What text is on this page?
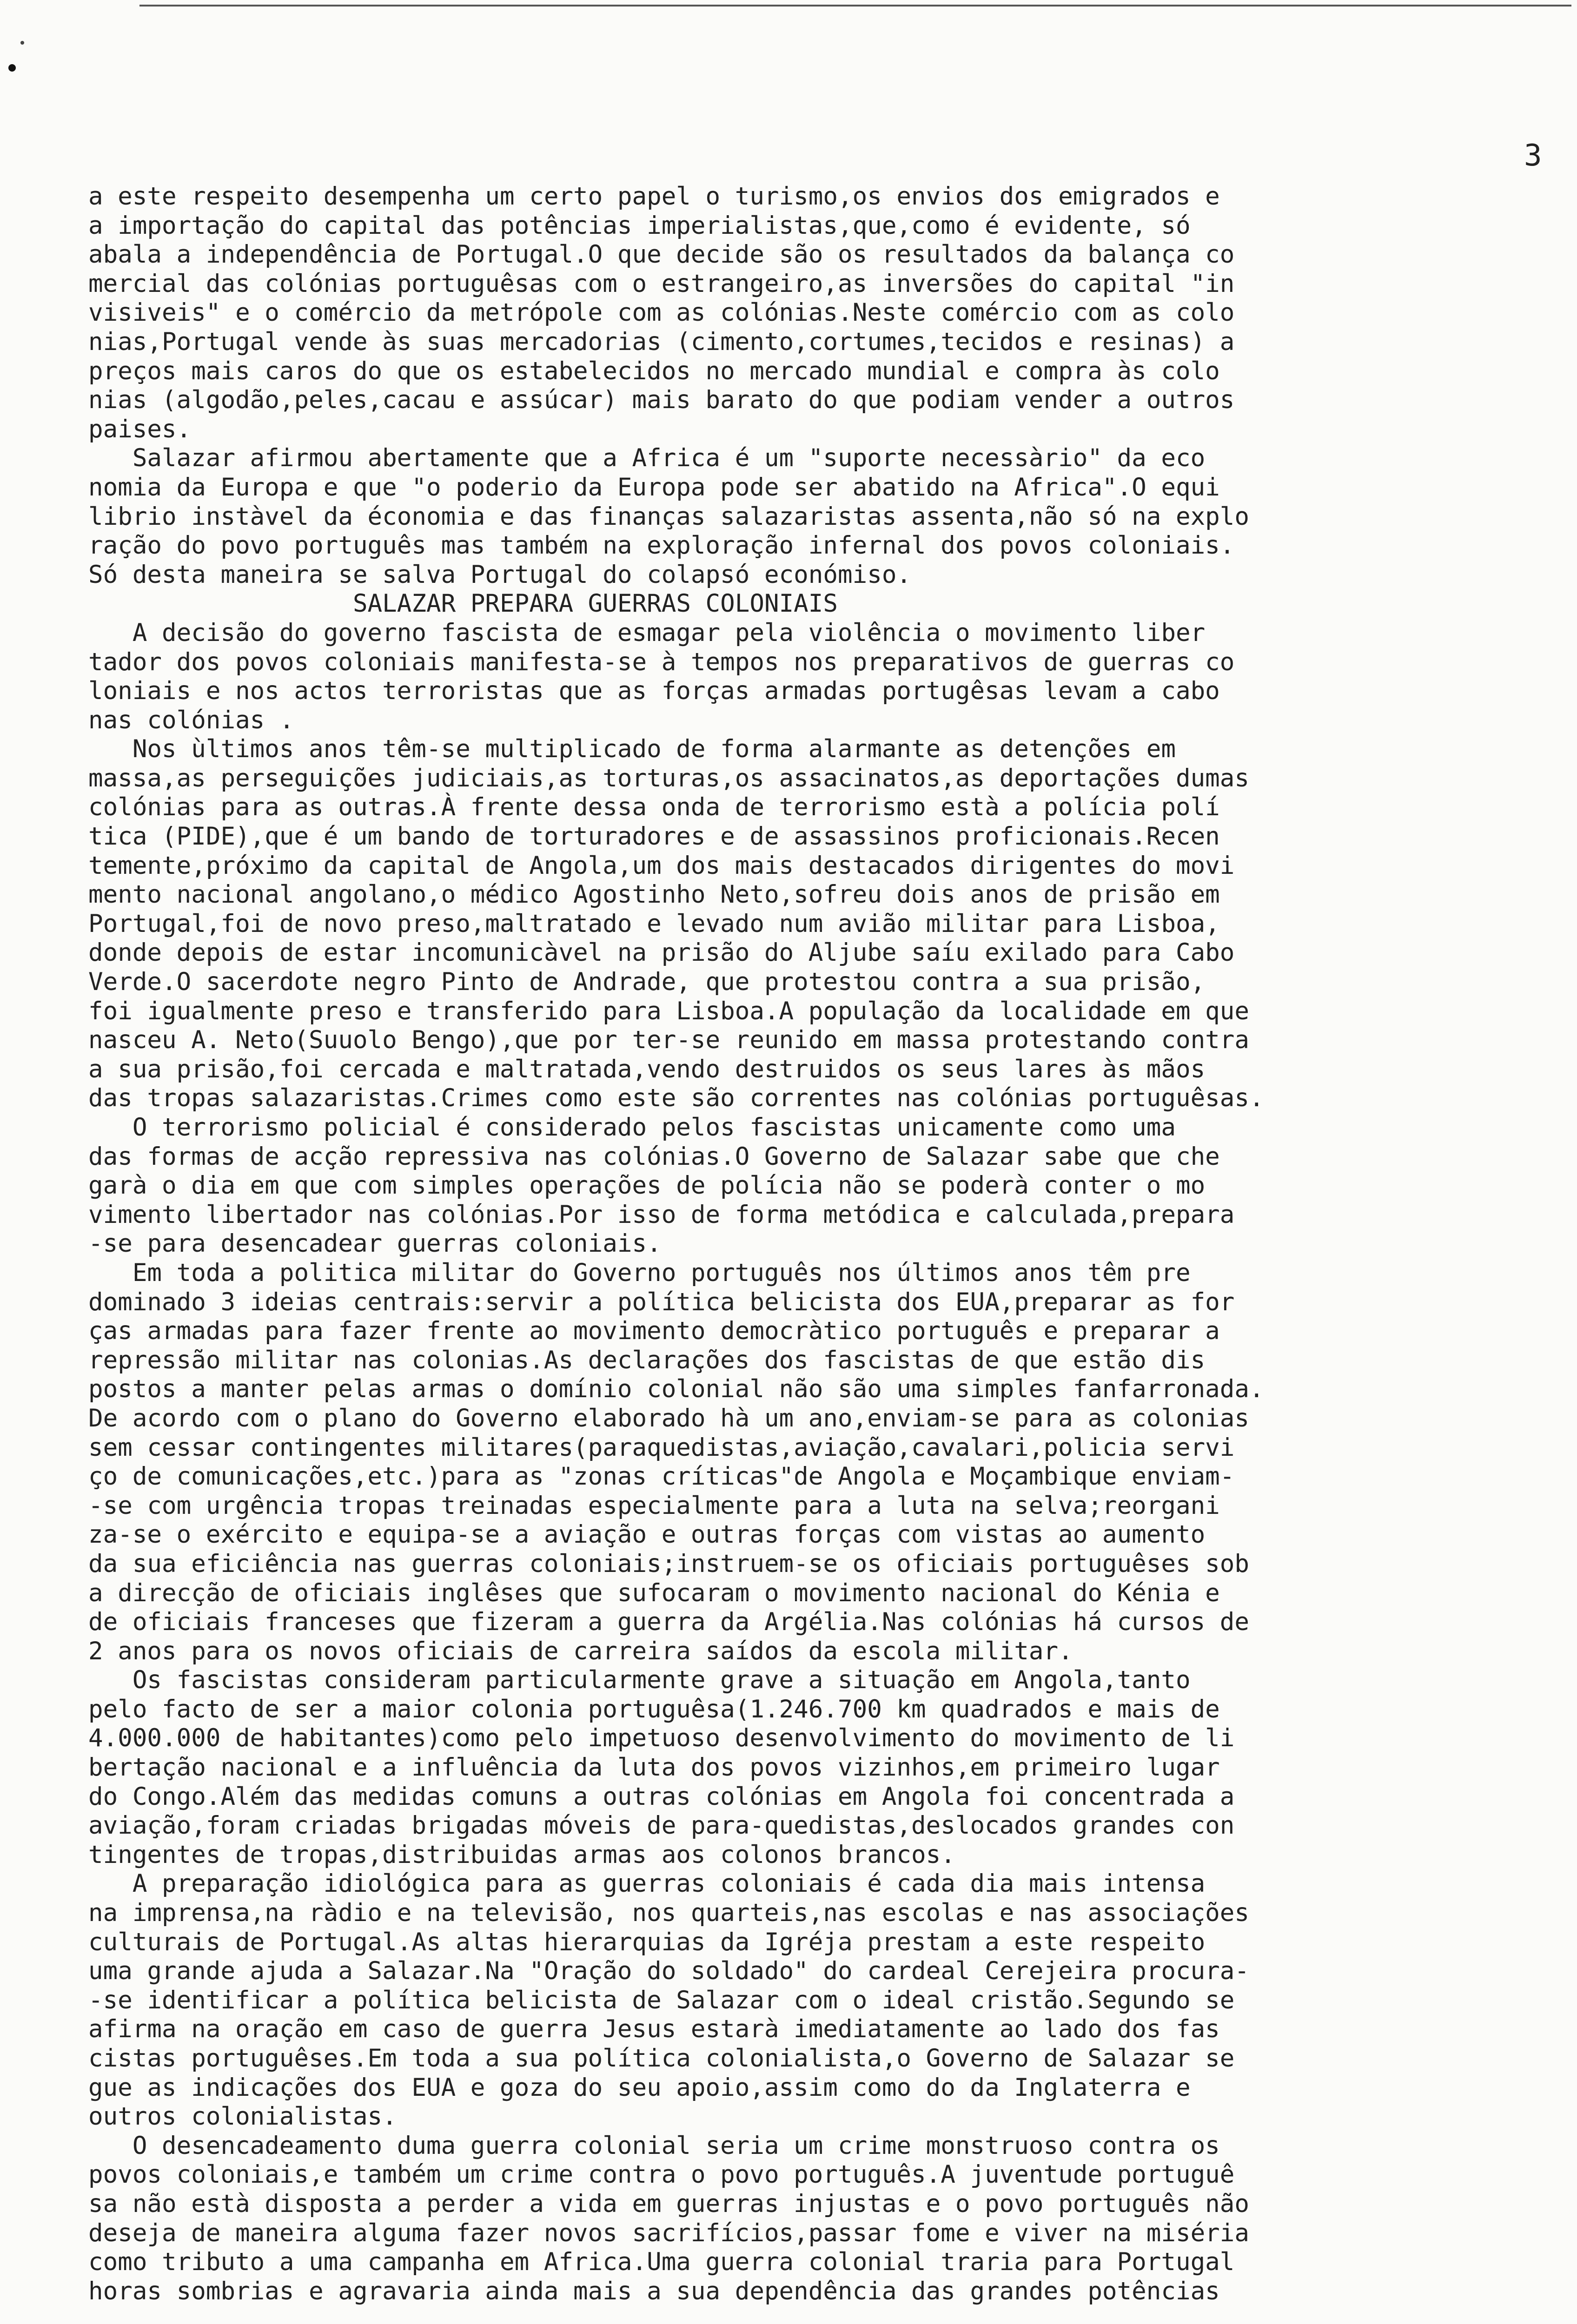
3
a este respeito desempenha um certo papel o turismo,os envios dos emigrados e
a importação do capital das potências imperialistas,que,como é evidente, só
abala a independência de Portugal.O que decide são os resultados da balança co
mercial das colónias portuguêsas com o estrangeiro,as inversões do capital "in
visiveis" e o comércio da metrópole com as colónias.Neste comércio com as colo
nias,Portugal vende às suas mercadorias (cimento,cortumes,tecidos e resinas) a
preços mais caros do que os estabelecidos no mercado mundial e compra às colo
nias (algodão,peles,cacau e assúcar) mais barato do que podiam vender a outros
paises.
Salazar afirmou abertamente que a Africa é um "suporte necessàrio" da eco
nomia da Europa e que "o poderio da Europa pode ser abatido na Africa".O equi
librio instàvel da économia e das finanças salazaristas assenta,não só na explo
ração do povo português mas também na exploração infernal dos povos coloniais.
Só desta maneira se salva Portugal do colapsó económiso.
SALAZAR PREPARA GUERRAS COLONIAIS
A decisão do governo fascista de esmagar pela violência o movimento liber
tador dos povos coloniais manifesta-se à tempos nos preparativos de guerras co
loniais e nos actos terroristas que as forças armadas portugêsas levam a cabo
nas colónias .
Nos ùltimos anos têm-se multiplicado de forma alarmante as detenções em
massa,as perseguições judiciais,as torturas,os assacinatos,as deportações dumas
colónias para as outras.À frente dessa onda de terrorismo està a polícia polí
tica (PIDE),que é um bando de torturadores e de assassinos proficionais.Recen
temente,próximo da capital de Angola,um dos mais destacados dirigentes do movi
mento nacional angolano,o médico Agostinho Neto,sofreu dois anos de prisão em
Portugal,foi de novo preso,maltratado e levado num avião militar para Lisboa,
donde depois de estar incomunicàvel na prisão do Aljube saíu exilado para Cabo
Verde.O sacerdote negro Pinto de Andrade, que protestou contra a sua prisão,
foi igualmente preso e transferido para Lisboa.A população da localidade em que
nasceu A. Neto(Suuolo Bengo),que por ter-se reunido em massa protestando contra
a sua prisão,foi cercada e maltratada,vendo destruidos os seus lares às mãos
das tropas salazaristas.Crimes como este são correntes nas colónias portuguêsas.
O terrorismo policial é considerado pelos fascistas unicamente como uma
das formas de acção repressiva nas colónias.O Governo de Salazar sabe que che
garà o dia em que com simples operações de polícia não se poderà conter o mo
vimento libertador nas colónias.Por isso de forma metódica e calculada,prepara
-se para desencadear guerras coloniais.
Em toda a politica militar do Governo português nos últimos anos têm pre
dominado 3 ideias centrais:servir a política belicista dos EUA,preparar as for
ças armadas para fazer frente ao movimento democràtico português e preparar a
repressão militar nas colonias.As declarações dos fascistas de que estão dis
postos a manter pelas armas o domínio colonial não são uma simples fanfarronada.
De acordo com o plano do Governo elaborado hà um ano,enviam-se para as colonias
sem cessar contingentes militares(paraquedistas,aviação,cavalari,policia servi
ço de comunicações,etc.)para as "zonas críticas"de Angola e Moçambique enviam-
-se com urgência tropas treinadas especialmente para a luta na selva;reorgani
za-se o exército e equipa-se a aviação e outras forças com vistas ao aumento
da sua eficiência nas guerras coloniais;instruem-se os oficiais portuguêses sob
a direcção de oficiais inglêses que sufocaram o movimento nacional do Kénia e
de oficiais franceses que fizeram a guerra da Argélia.Nas colónias há cursos de
2 anos para os novos oficiais de carreira saídos da escola militar.
Os fascistas consideram particularmente grave a situação em Angola,tanto
pelo facto de ser a maior colonia portuguêsa(1.246.700 km quadrados e mais de
4.000.000 de habitantes)como pelo impetuoso desenvolvimento do movimento de li
bertação nacional e a influência da luta dos povos vizinhos,em primeiro lugar
do Congo.Além das medidas comuns a outras colónias em Angola foi concentrada a
aviação,foram criadas brigadas móveis de para-quedistas,deslocados grandes con
tingentes de tropas,distribuidas armas aos colonos brancos.
A preparação idiológica para as guerras coloniais é cada dia mais intensa
na imprensa,na ràdio e na televisão, nos quarteis,nas escolas e nas associações
culturais de Portugal.As altas hierarquias da Igréja prestam a este respeito
uma grande ajuda a Salazar.Na "Oração do soldado" do cardeal Cerejeira procura-
-se identificar a política belicista de Salazar com o ideal cristão.Segundo se
afirma na oração em caso de guerra Jesus estarà imediatamente ao lado dos fas
cistas portuguêses.Em toda a sua política colonialista,o Governo de Salazar se
gue as indicações dos EUA e goza do seu apoio,assim como do da Inglaterra e
outros colonialistas.
O desencadeamento duma guerra colonial seria um crime monstruoso contra os
povos coloniais,e também um crime contra o povo português.A juventude portuguê
sa não està disposta a perder a vida em guerras injustas e o povo português não
deseja de maneira alguma fazer novos sacrifícios,passar fome e viver na miséria
como tributo a uma campanha em Africa.Uma guerra colonial traria para Portugal
horas sombrias e agravaria ainda mais a sua dependência das grandes potências
